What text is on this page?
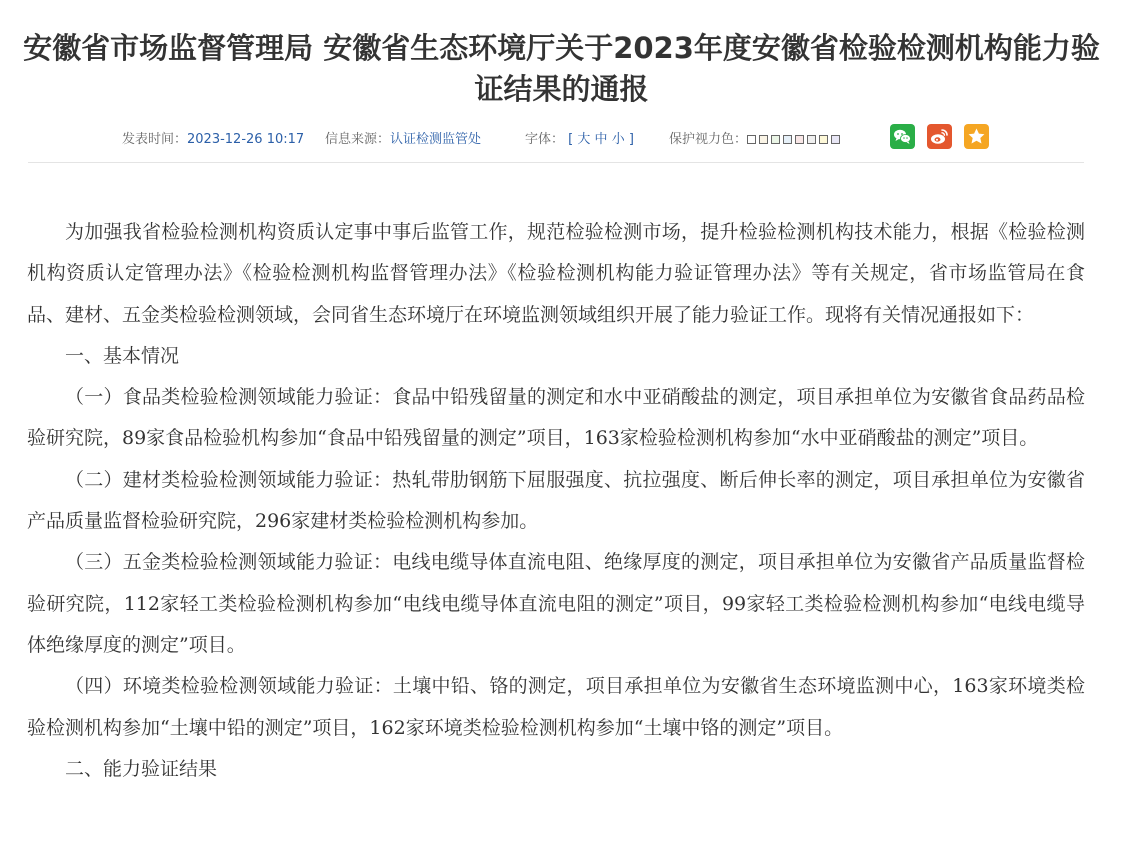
安徽省市场监督管理局 安徽省生态环境厅关于2023年度安徽省检验检测机构能力验证结果的通报
发表时间：2023-12-26 10:17 信息来源：认证检测监管处	字体： [ 大 中 小 ]	保护视力色：

为加强我省检验检测机构资质认定事中事后监管工作，规范检验检测市场，提升检验检测机构技术能力，根据《检验检测机构资质认定管理办法》《检验检测机构监督管理办法》《检验检测机构能力验证管理办法》等有关规定，省市场监管局在食品、建材、五金类检验检测领域，会同省生态环境厅在环境监测领域组织开展了能力验证工作。现将有关情况通报如下：

一、基本情况

（一）食品类检验检测领域能力验证：食品中铅残留量的测定和水中亚硝酸盐的测定，项目承担单位为安徽省食品药品检验研究院，89家食品检验机构参加“食品中铅残留量的测定”项目，163家检验检测机构参加“水中亚硝酸盐的测定”项目。

（二）建材类检验检测领域能力验证：热轧带肋钢筋下屈服强度、抗拉强度、断后伸长率的测定，项目承担单位为安徽省产品质量监督检验研究院，296家建材类检验检测机构参加。

（三）五金类检验检测领域能力验证：电线电缆导体直流电阻、绝缘厚度的测定，项目承担单位为安徽省产品质量监督检验研究院，112家轻工类检验检测机构参加“电线电缆导体直流电阻的测定”项目，99家轻工类检验检测机构参加“电线电缆导体绝缘厚度的测定”项目。

（四）环境类检验检测领域能力验证：土壤中铅、铬的测定，项目承担单位为安徽省生态环境监测中心，163家环境类检验检测机构参加“土壤中铅的测定”项目，162家环境类检验检测机构参加“土壤中铬的测定”项目。

二、能力验证结果
